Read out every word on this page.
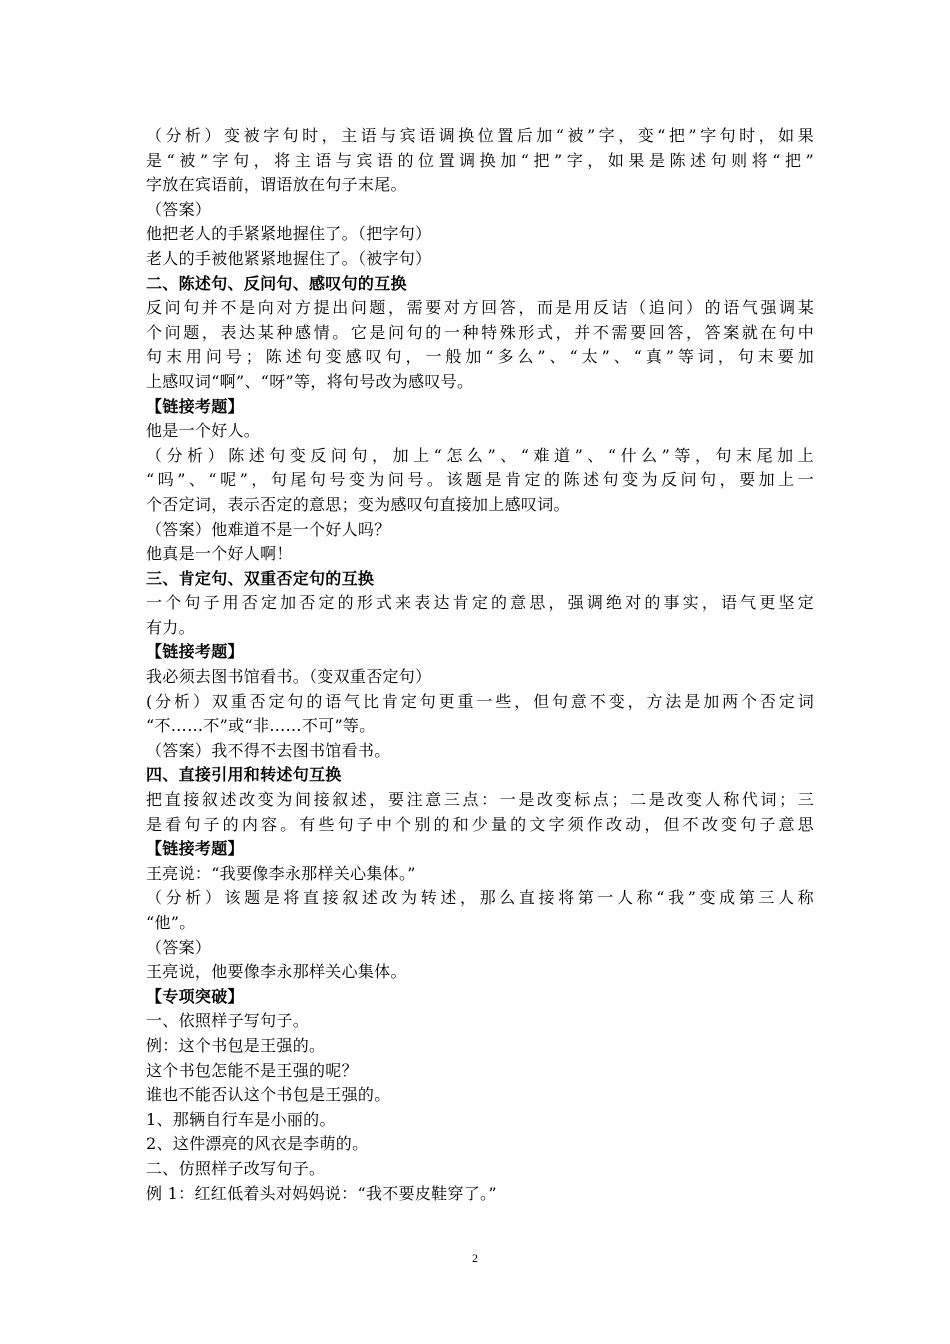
（分析）变被字句时，主语与宾语调换位置后加“被”字，变“把”字句时，如果
是“被”字句，将主语与宾语的位置调换加“把”字，如果是陈述句则将“把”
字放在宾语前，谓语放在句子末尾。
（答案）
他把老人的手紧紧地握住了。（把字句）
老人的手被他紧紧地握住了。（被字句）
二、陈述句、反问句、感叹句的互换
反问句并不是向对方提出问题，需要对方回答，而是用反诘（追问）的语气强调某
个问题，表达某种感情。它是问句的一种特殊形式，并不需要回答，答案就在句中
句末用问号；陈述句变感叹句，一般加“多么”、“太”、“真”等词，句末要加
上感叹词“啊”、“呀”等，将句号改为感叹号。
【链接考题】
他是一个好人。
（分析）陈述句变反问句，加上“怎么”、“难道”、“什么”等，句末尾加上
“吗”、“呢”，句尾句号变为问号。该题是肯定的陈述句变为反问句，要加上一
个否定词，表示否定的意思；变为感叹句直接加上感叹词。
（答案）他难道不是一个好人吗？
他真是一个好人啊！
三、肯定句、双重否定句的互换
一个句子用否定加否定的形式来表达肯定的意思，强调绝对的事实，语气更坚定
有力。
【链接考题】
我必须去图书馆看书。（变双重否定句）
(分析）双重否定句的语气比肯定句更重一些，但句意不变，方法是加两个否定词
“不……不”或“非……不可”等。
（答案）我不得不去图书馆看书。
四、直接引用和转述句互换
把直接叙述改变为间接叙述，要注意三点：一是改变标点；二是改变人称代词；三
是看句子的内容。有些句子中个别的和少量的文字须作改动，但不改变句子意思
【链接考题】
王亮说：“我要像李永那样关心集体。”
（分析）该题是将直接叙述改为转述，那么直接将第一人称“我”变成第三人称
“他”。
（答案）
王亮说，他要像李永那样关心集体。
【专项突破】
一、依照样子写句子。
例：这个书包是王强的。
这个书包怎能不是王强的呢？
谁也不能否认这个书包是王强的。
1、那辆自行车是小丽的。
2、这件漂亮的风衣是李萌的。
二、仿照样子改写句子。
例 1：红红低着头对妈妈说：“我不要皮鞋穿了。”
2
